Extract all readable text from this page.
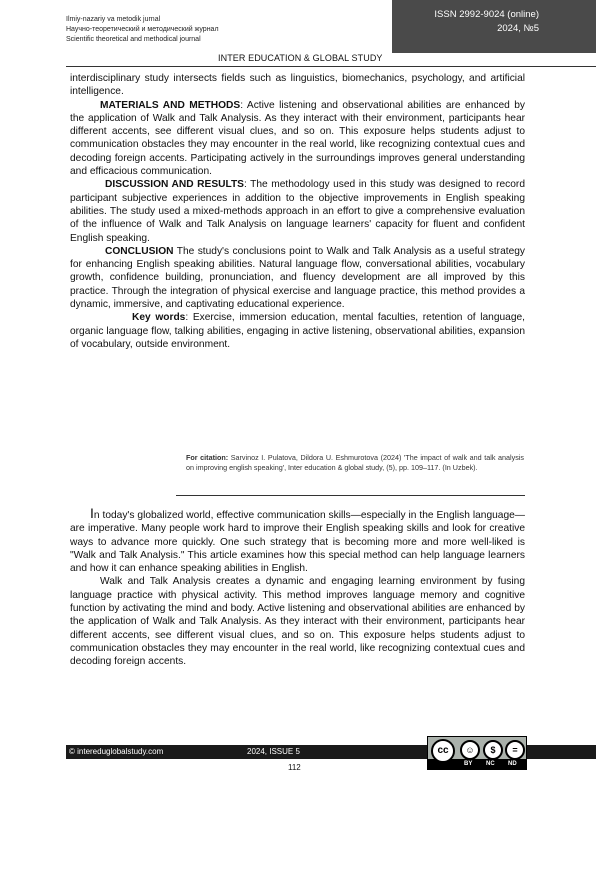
Ilmiy-nazariy va metodik jurnal
Научно-теоретический и методический журнал
Scientific theoretical and methodical journal
ISSN 2992-9024 (online)
2024, №5
INTER EDUCATION & GLOBAL STUDY

interdisciplinary study intersects fields such as linguistics, biomechanics, psychology, and artificial intelligence.

MATERIALS AND METHODS: Active listening and observational abilities are enhanced by the application of Walk and Talk Analysis. As they interact with their environment, participants hear different accents, see different visual clues, and so on. This exposure helps students adjust to communication obstacles they may encounter in the real world, like recognizing contextual cues and decoding foreign accents. Participating actively in the surroundings improves general understanding and efficacious communication.

DISCUSSION AND RESULTS: The methodology used in this study was designed to record participant subjective experiences in addition to the objective improvements in English speaking abilities. The study used a mixed-methods approach in an effort to give a comprehensive evaluation of the influence of Walk and Talk Analysis on language learners' capacity for fluent and confident English speaking.

CONCLUSION The study's conclusions point to Walk and Talk Analysis as a useful strategy for enhancing English speaking abilities. Natural language flow, conversational abilities, vocabulary growth, confidence building, pronunciation, and fluency development are all improved by this practice. Through the integration of physical exercise and language practice, this method provides a dynamic, immersive, and captivating educational experience.

Key words: Exercise, immersion education, mental faculties, retention of language, organic language flow, talking abilities, engaging in active listening, observational abilities, expansion of vocabulary, outside environment.

For citation: Sarvinoz I. Pulatova, Dildora U. Eshmurotova (2024) 'The impact of walk and talk analysis on improving english speaking', Inter education & global study, (5), pp. 109–117. (In Uzbek).

In today's globalized world, effective communication skills—especially in the English language—are imperative. Many people work hard to improve their English speaking skills and look for creative ways to advance more quickly. One such strategy that is becoming more and more well-liked is "Walk and Talk Analysis." This article examines how this special method can help language learners and how it can enhance speaking abilities in English.

Walk and Talk Analysis creates a dynamic and engaging learning environment by fusing language practice with physical activity. This method improves language memory and cognitive function by activating the mind and body. Active listening and observational abilities are enhanced by the application of Walk and Talk Analysis. As they interact with their environment, participants hear different accents, see different visual clues, and so on. This exposure helps students adjust to communication obstacles they may encounter in the real world, like recognizing contextual cues and decoding foreign accents.

© intereduglobalstudy.com	2024, ISSUE 5
112
cc	☺	$	=
BY NC ND
